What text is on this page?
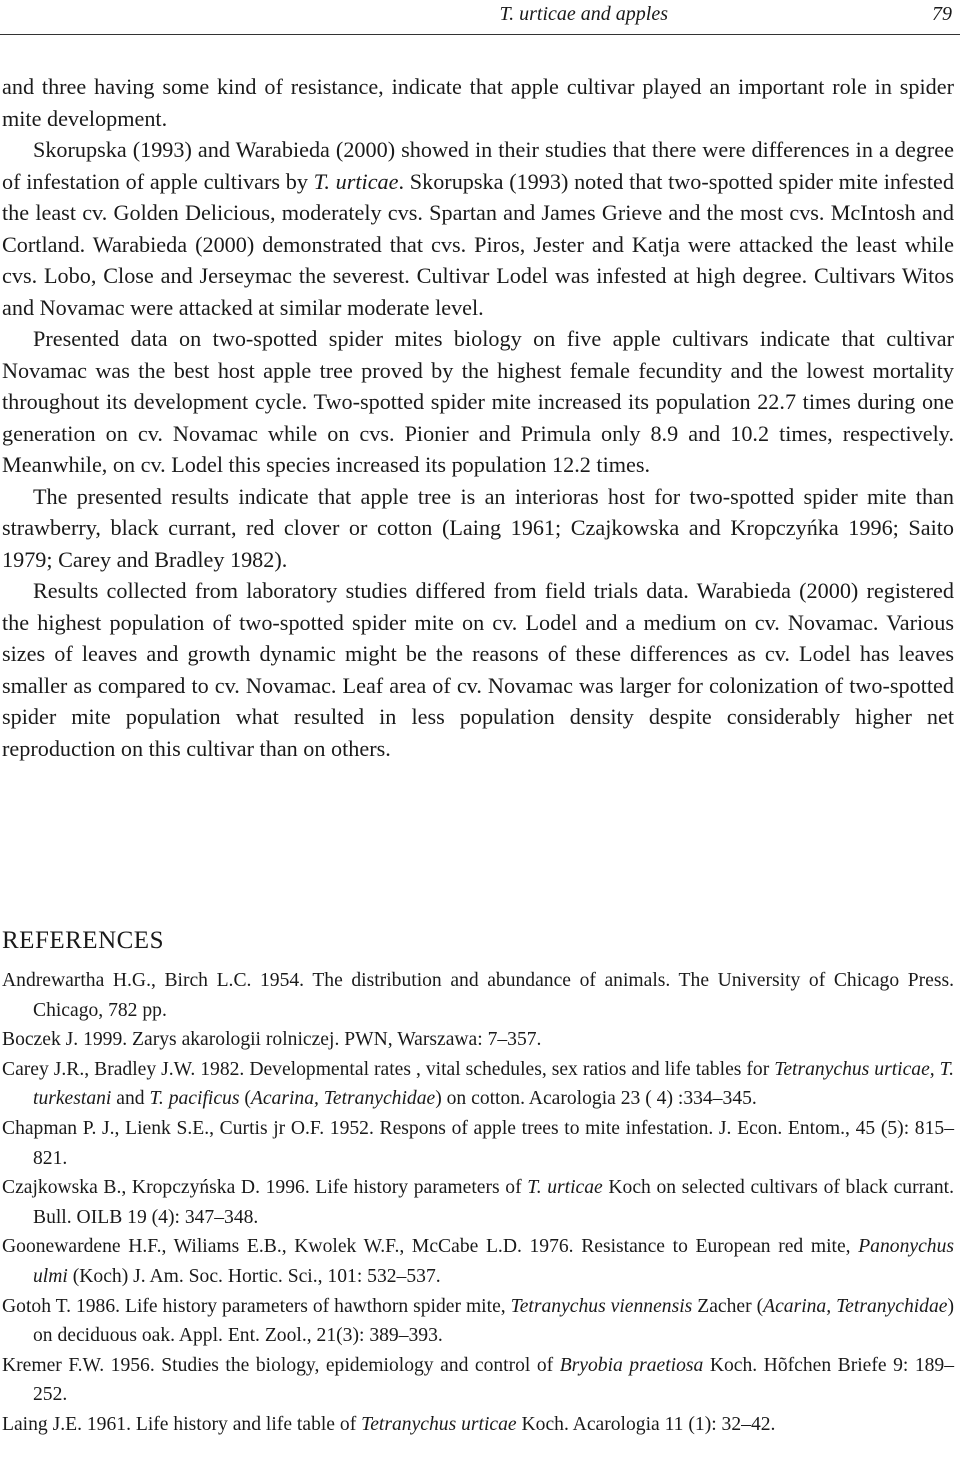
T. urticae and apples	79

and three having some kind of resistance, indicate that apple cultivar played an important role in spider mite development.

Skorupska (1993) and Warabieda (2000) showed in their studies that there were differences in a degree of infestation of apple cultivars by T. urticae. Skorupska (1993) noted that two-spotted spider mite infested the least cv. Golden Delicious, moderately cvs. Spartan and James Grieve and the most cvs. McIntosh and Cortland. Warabieda (2000) demonstrated that cvs. Piros, Jester and Katja were attacked the least while cvs. Lobo, Close and Jerseymac the severest. Cultivar Lodel was infested at high degree. Cultivars Witos and Novamac were attacked at similar moderate level.

Presented data on two-spotted spider mites biology on five apple cultivars indicate that cultivar Novamac was the best host apple tree proved by the highest female fecundity and the lowest mortality throughout its development cycle. Two-spotted spider mite increased its population 22.7 times during one generation on cv. Novamac while on cvs. Pionier and Primula only 8.9 and 10.2 times, respectively. Meanwhile, on cv. Lodel this species increased its population 12.2 times.

The presented results indicate that apple tree is an interioras host for two-spotted spider mite than strawberry, black currant, red clover or cotton (Laing 1961; Czajkowska and Kropczyńka 1996; Saito 1979; Carey and Bradley 1982).

Results collected from laboratory studies differed from field trials data. Warabieda (2000) registered the highest population of two-spotted spider mite on cv. Lodel and a medium on cv. Novamac. Various sizes of leaves and growth dynamic might be the reasons of these differences as cv. Lodel has leaves smaller as compared to cv. Novamac. Leaf area of cv. Novamac was larger for colonization of two-spotted spider mite population what resulted in less population density despite considerably higher net reproduction on this cultivar than on others.

REFERENCES
Andrewartha H.G., Birch L.C. 1954. The distribution and abundance of animals. The University of Chicago Press. Chicago, 782 pp.
Boczek J. 1999. Zarys akarologii rolniczej. PWN, Warszawa: 7–357.
Carey J.R., Bradley J.W. 1982. Developmental rates , vital schedules, sex ratios and life tables for Tetranychus urticae, T. turkestani and T. pacificus (Acarina, Tetranychidae) on cotton. Acarologia 23 ( 4) :334–345.
Chapman P. J., Lienk S.E., Curtis jr O.F. 1952. Respons of apple trees to mite infestation. J. Econ. Entom., 45 (5): 815–821.
Czajkowska B., Kropczyńska D. 1996. Life history parameters of T. urticae Koch on selected cultivars of black currant. Bull. OILB 19 (4): 347–348.
Goonewardene H.F., Wiliams E.B., Kwolek W.F., McCabe L.D. 1976. Resistance to European red mite, Panonychus ulmi (Koch) J. Am. Soc. Hortic. Sci., 101: 532–537.
Gotoh T. 1986. Life history parameters of hawthorn spider mite, Tetranychus viennensis Zacher (Acarina, Tetranychidae) on deciduous oak. Appl. Ent. Zool., 21(3): 389–393.
Kremer F.W. 1956. Studies the biology, epidemiology and control of Bryobia praetiosa Koch. Hõfchen Briefe 9: 189–252.
Laing J.E. 1961. Life history and life table of Tetranychus urticae Koch. Acarologia 11 (1): 32–42.
